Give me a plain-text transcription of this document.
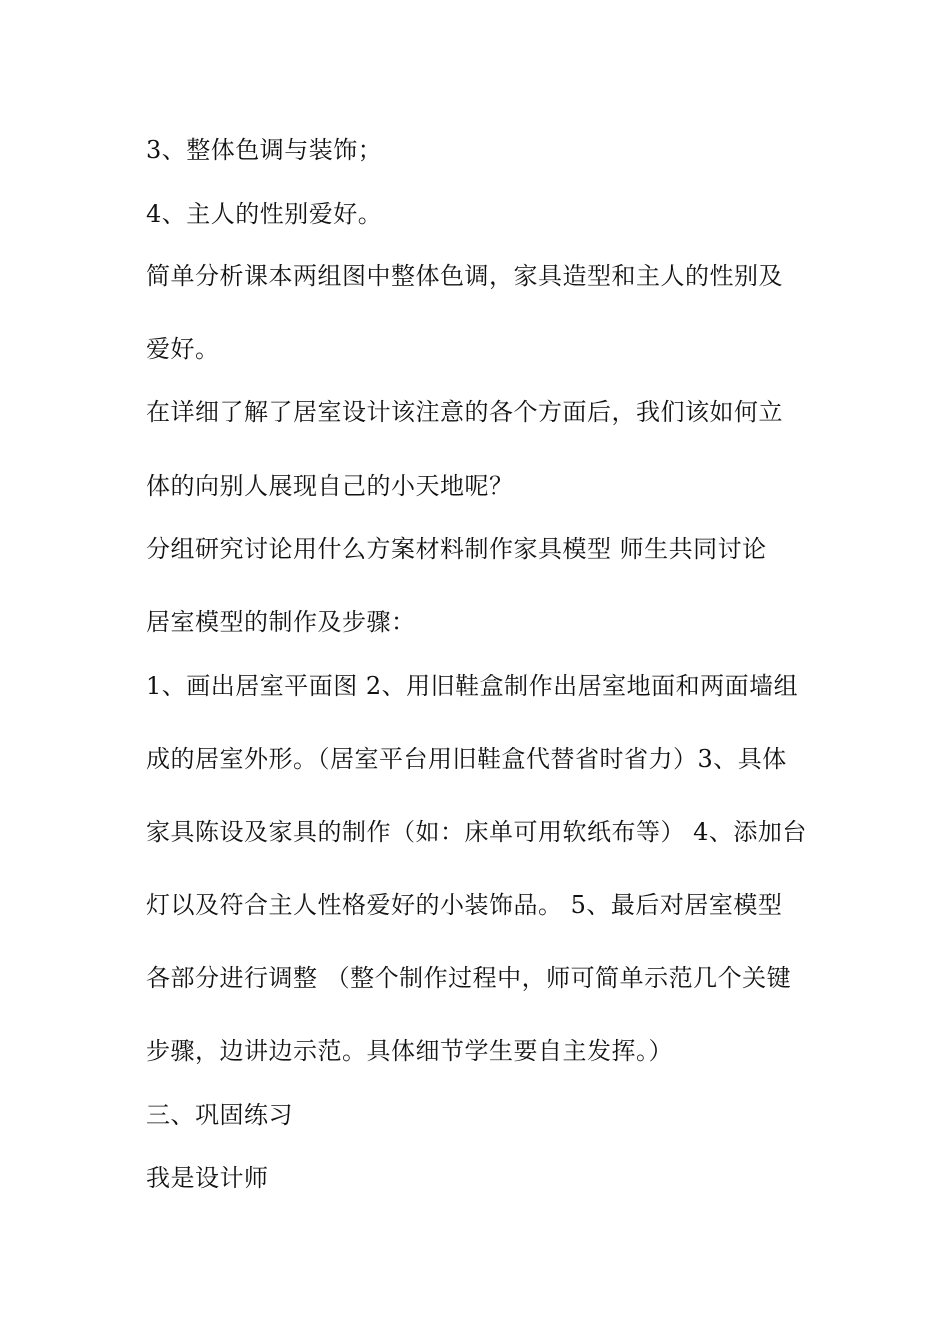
3、整体色调与装饰；
4、主人的性别爱好。
简单分析课本两组图中整体色调，家具造型和主人的性别及
爱好。
在详细了解了居室设计该注意的各个方面后，我们该如何立
体的向别人展现自己的小天地呢？
分组研究讨论用什么方案材料制作家具模型 师生共同讨论
居室模型的制作及步骤：
1、画出居室平面图 2、用旧鞋盒制作出居室地面和两面墙组
成的居室外形。（居室平台用旧鞋盒代替省时省力）3、具体
家具陈设及家具的制作（如：床单可用软纸布等） 4、添加台
灯以及符合主人性格爱好的小装饰品。 5、最后对居室模型
各部分进行调整 （整个制作过程中，师可简单示范几个关键
步骤，边讲边示范。具体细节学生要自主发挥。）
三、巩固练习
我是设计师
